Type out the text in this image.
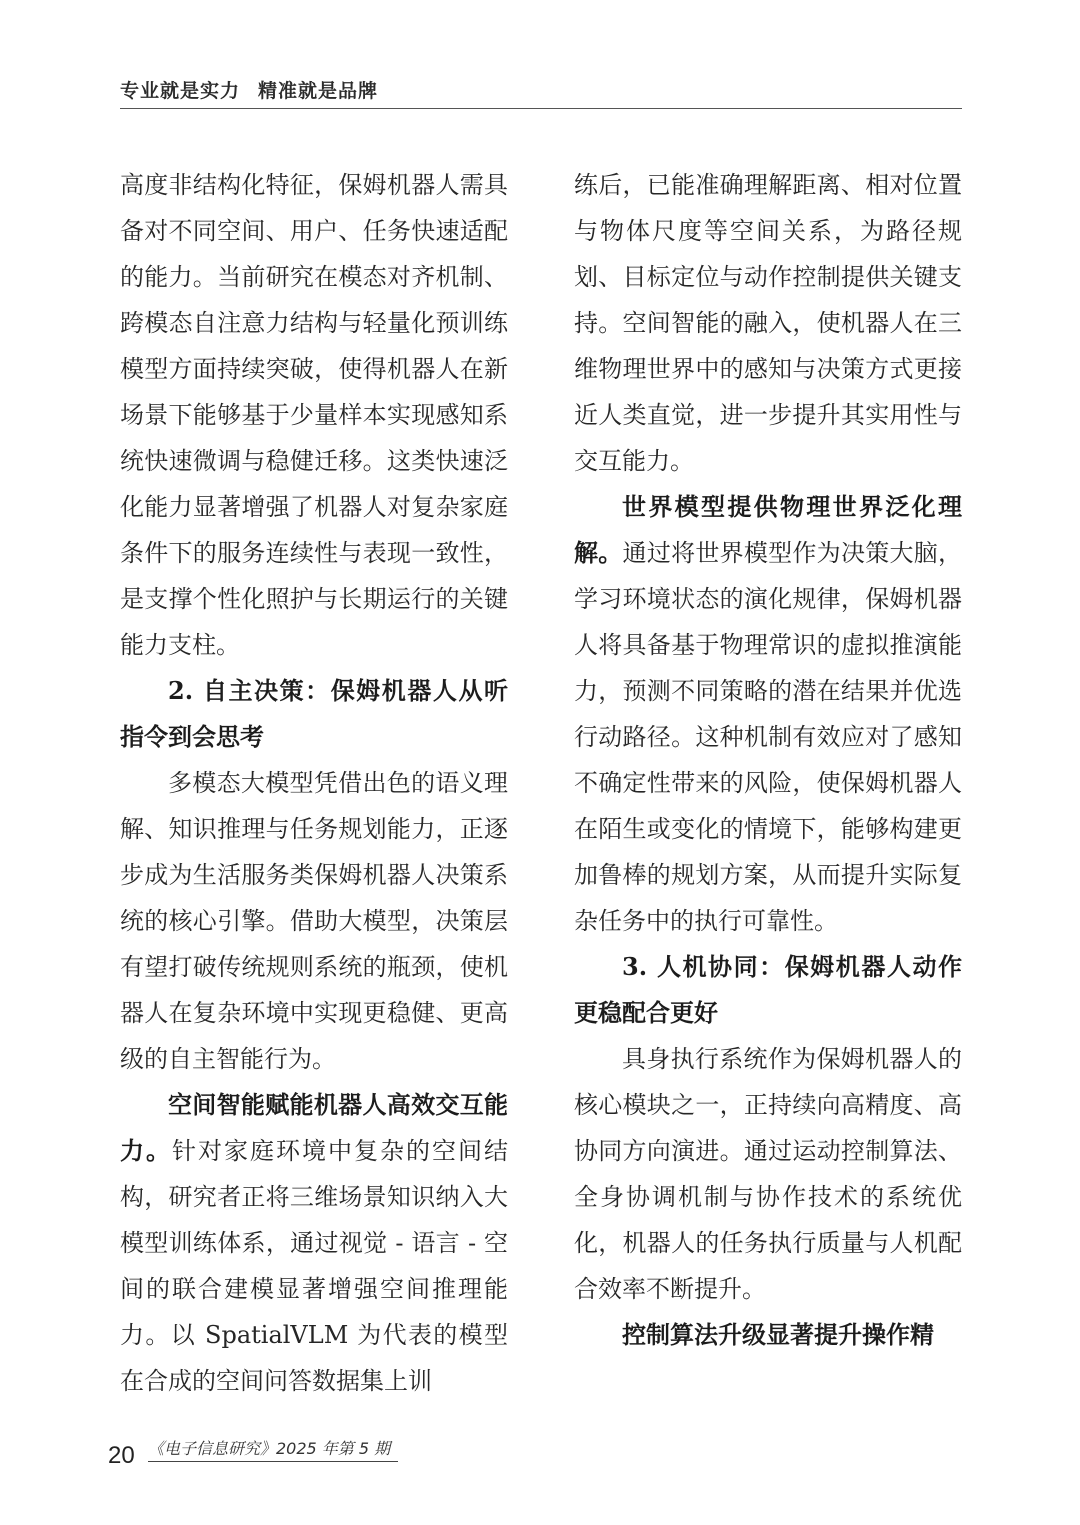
专业就是实力 精准就是品牌

高度非结构化特征，保姆机器人需具备对不同空间、用户、任务快速适配的能力。当前研究在模态对齐机制、跨模态自注意力结构与轻量化预训练模型方面持续突破，使得机器人在新场景下能够基于少量样本实现感知系统快速微调与稳健迁移。这类快速泛化能力显著增强了机器人对复杂家庭条件下的服务连续性与表现一致性，是支撑个性化照护与长期运行的关键能力支柱。

2. 自主决策：保姆机器人从听指令到会思考

多模态大模型凭借出色的语义理解、知识推理与任务规划能力，正逐步成为生活服务类保姆机器人决策系统的核心引擎。借助大模型，决策层有望打破传统规则系统的瓶颈，使机器人在复杂环境中实现更稳健、更高级的自主智能行为。

空间智能赋能机器人高效交互能力。针对家庭环境中复杂的空间结构，研究者正将三维场景知识纳入大模型训练体系，通过视觉 - 语言 - 空间的联合建模显著增强空间推理能力。以 SpatialVLM 为代表的模型在合成的空间问答数据集上训

练后，已能准确理解距离、相对位置与物体尺度等空间关系，为路径规划、目标定位与动作控制提供关键支持。空间智能的融入，使机器人在三维物理世界中的感知与决策方式更接近人类直觉，进一步提升其实用性与交互能力。

世界模型提供物理世界泛化理解。通过将世界模型作为决策大脑，学习环境状态的演化规律，保姆机器人将具备基于物理常识的虚拟推演能力，预测不同策略的潜在结果并优选行动路径。这种机制有效应对了感知不确定性带来的风险，使保姆机器人在陌生或变化的情境下，能够构建更加鲁棒的规划方案，从而提升实际复杂任务中的执行可靠性。

3. 人机协同：保姆机器人动作更稳配合更好

具身执行系统作为保姆机器人的核心模块之一，正持续向高精度、高协同方向演进。通过运动控制算法、全身协调机制与协作技术的系统优化，机器人的任务执行质量与人机配合效率不断提升。

控制算法升级显著提升操作精

20 《电子信息研究》2025 年第 5 期
